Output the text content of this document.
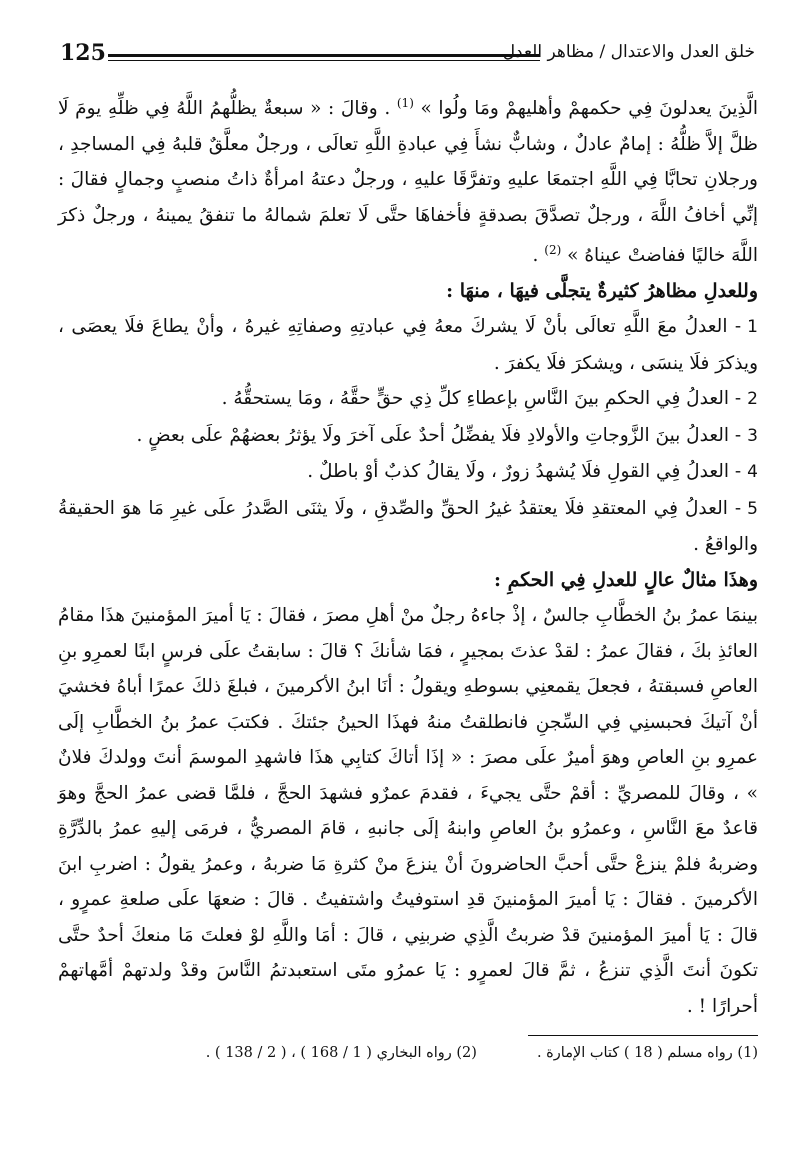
125	خلق العدل والاعتدال / مظاهر العدل

الَّذِينَ يعدلونَ فِي حكمهمْ وأهليهمْ ومَا ولُوا » $^{(1)}$ . وقالَ : « سبعةٌ يظلُّهمُ اللَّهُ فِي ظلِّهِ يومَ لَا ظلَّ إلاَّ ظلُّهُ : إمامٌ عادلٌ ، وشابٌّ نشأَ فِي عبادةِ اللَّهِ تعالَى ، ورجلٌ معلَّقٌ قلبهُ فِي المساجدِ ، ورجلانِ تحابَّا فِي اللَّهِ اجتمعَا عليهِ وتفرَّقَا عليهِ ، ورجلٌ دعتهُ امرأةٌ ذاتُ منصبٍ وجمالٍ فقالَ : إنِّي أخافُ اللَّهَ ، ورجلٌ تصدَّقَ بصدقةٍ فأخفاهَا حتَّى لَا تعلمَ شمالهُ ما تنفقُ يمينهُ ، ورجلٌ ذكرَ اللَّهَ خاليًا ففاضتْ عيناهُ » $^{(2)}$ .

وللعدلِ مظاهرُ كثيرةٌ يتجلَّى فيهَا ، منهَا :

1- العدلُ معَ اللَّهِ تعالَى بأنْ لَا يشركَ معهُ فِي عبادتِهِ وصفاتِهِ غيرهُ ، وأنْ يطاعَ فلَا يعصَى ، ويذكرَ فلَا ينسَى ، ويشكرَ فلَا يكفرَ .

2- العدلُ فِي الحكمِ بينَ النَّاسِ بإعطاءِ كلِّ ذِي حقٍّ حقَّهُ ، ومَا يستحقُّهُ .

3- العدلُ بينَ الزَّوجاتِ والأولادِ فلَا يفضِّلُ أحدٌ علَى آخرَ ولَا يؤثرُ بعضهُمْ علَى بعضٍ .

4- العدلُ فِي القولِ فلَا يُشهدُ زورٌ ، ولَا يقالُ كذبٌ أوْ باطلٌ .

5- العدلُ فِي المعتقدِ فلَا يعتقدُ غيرُ الحقِّ والصِّدقِ ، ولَا يثنَى الصَّدرُ علَى غيرِ مَا هوَ الحقيقةُ والواقعُ .

وهذَا مثالٌ عالٍ للعدلِ فِي الحكمِ :

بينمَا عمرُ بنُ الخطَّابِ جالسٌ ، إذْ جاءهُ رجلٌ منْ أهلِ مصرَ ، فقالَ : يَا أميرَ المؤمنينَ هذَا مقامُ العائذِ بكَ ، فقالَ عمرُ : لقدْ عذتَ بمجيرٍ ، فمَا شأنكَ ؟ قالَ : سابقتُ علَى فرسٍ ابنًا لعمرِو بنِ العاصِ فسبقتهُ ، فجعلَ يقمعنِي بسوطهِ ويقولُ : أنَا ابنُ الأكرمينَ ، فبلغَ ذلكَ عمرًا أباهُ فخشيَ أنْ آتيكَ فحبسنِي فِي السِّجنِ فانطلقتُ منهُ فهذَا الحينُ جئتكَ . فكتبَ عمرُ بنُ الخطَّابِ إلَى عمرِو بنِ العاصِ وهوَ أميرٌ علَى مصرَ : « إذَا أتاكَ كتابِي هذَا فاشهدِ الموسمَ أنتَ وولدكَ فلانٌ » ، وقالَ للمصريِّ : أقمْ حتَّى يجيءَ ، فقدمَ عمرٌو فشهدَ الحجَّ ، فلمَّا قضى عمرُ الحجَّ وهوَ قاعدٌ معَ النَّاسِ ، وعمرُو بنُ العاصِ وابنهُ إلَى جانبهِ ، قامَ المصريُّ ، فرمَى إليهِ عمرُ بالدِّرَّةِ وضربهُ فلمْ ينزعْ حتَّى أحبَّ الحاضرونَ أنْ ينزعَ منْ كثرةِ مَا ضربهُ ، وعمرُ يقولُ : اضربِ ابنَ الأكرمينَ . فقالَ : يَا أميرَ المؤمنينَ قدِ استوفيتُ واشتفيتُ . قالَ : ضعهَا علَى صلعةِ عمرٍو ، قالَ : يَا أميرَ المؤمنينَ قدْ ضربتُ الَّذِي ضربنِي ، قالَ : أمَا واللَّهِ لوْ فعلتَ مَا منعكَ أحدٌ حتَّى تكونَ أنتَ الَّذِي تنزعُ ، ثمَّ قالَ لعمرٍو : يَا عمرُو متَى استعبدتمُ النَّاسَ وقدْ ولدتهمْ أمَّهاتهمْ أحرارًا ! .

(1) رواه مسلم ( 18 ) كتاب الإمارة .
(2) رواه البخاري ( 1 / 168 ) ، ( 2 / 138 ) .
